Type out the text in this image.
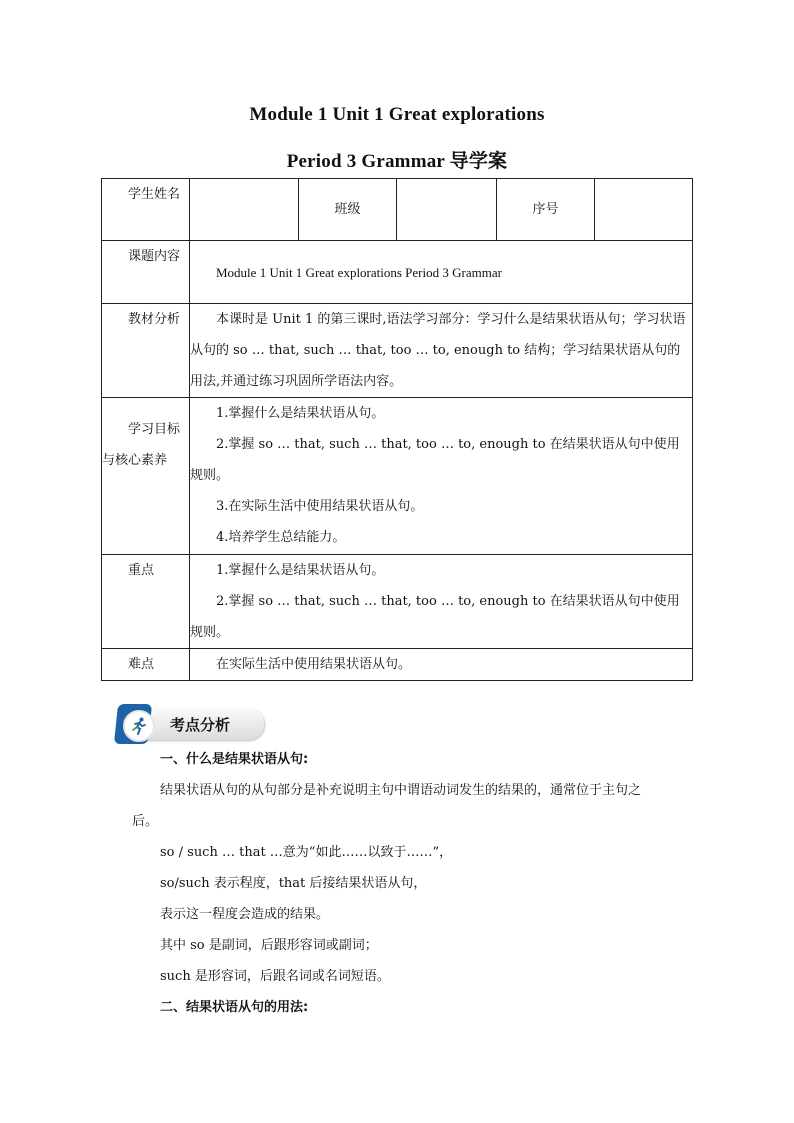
Module 1 Unit 1 Great explorations
Period 3 Grammar 导学案
学生姓名		班级		序号	

课题内容	Module 1 Unit 1 Great explorations Period 3 Grammar				

教材分析	本课时是 Unit 1 的第三课时,语法学习部分：学习什么是结果状语从句；学习状语从句的 so … that, such … that, too … to, enough to 结构；学习结果状语从句的用法,并通过练习巩固所学语法内容。				

学习目标与核心素养	1.掌握什么是结果状语从句。
2.掌握 so … that, such … that, too … to, enough to 在结果状语从句中使用规则。
3.在实际生活中使用结果状语从句。
4.培养学生总结能力。				

重点	1.掌握什么是结果状语从句。
2.掌握 so … that, such … that, too … to, enough to 在结果状语从句中使用规则。				

难点	在实际生活中使用结果状语从句。				
考点分析

一、什么是结果状语从句:

结果状语从句的从句部分是补充说明主句中谓语动词发生的结果的，通常位于主句之后。

so / such … that …意为“如此……以致于……”，

so/such 表示程度，that 后接结果状语从句，

表示这一程度会造成的结果。

其中 so 是副词，后跟形容词或副词；

such 是形容词，后跟名词或名词短语。

二、结果状语从句的用法:
